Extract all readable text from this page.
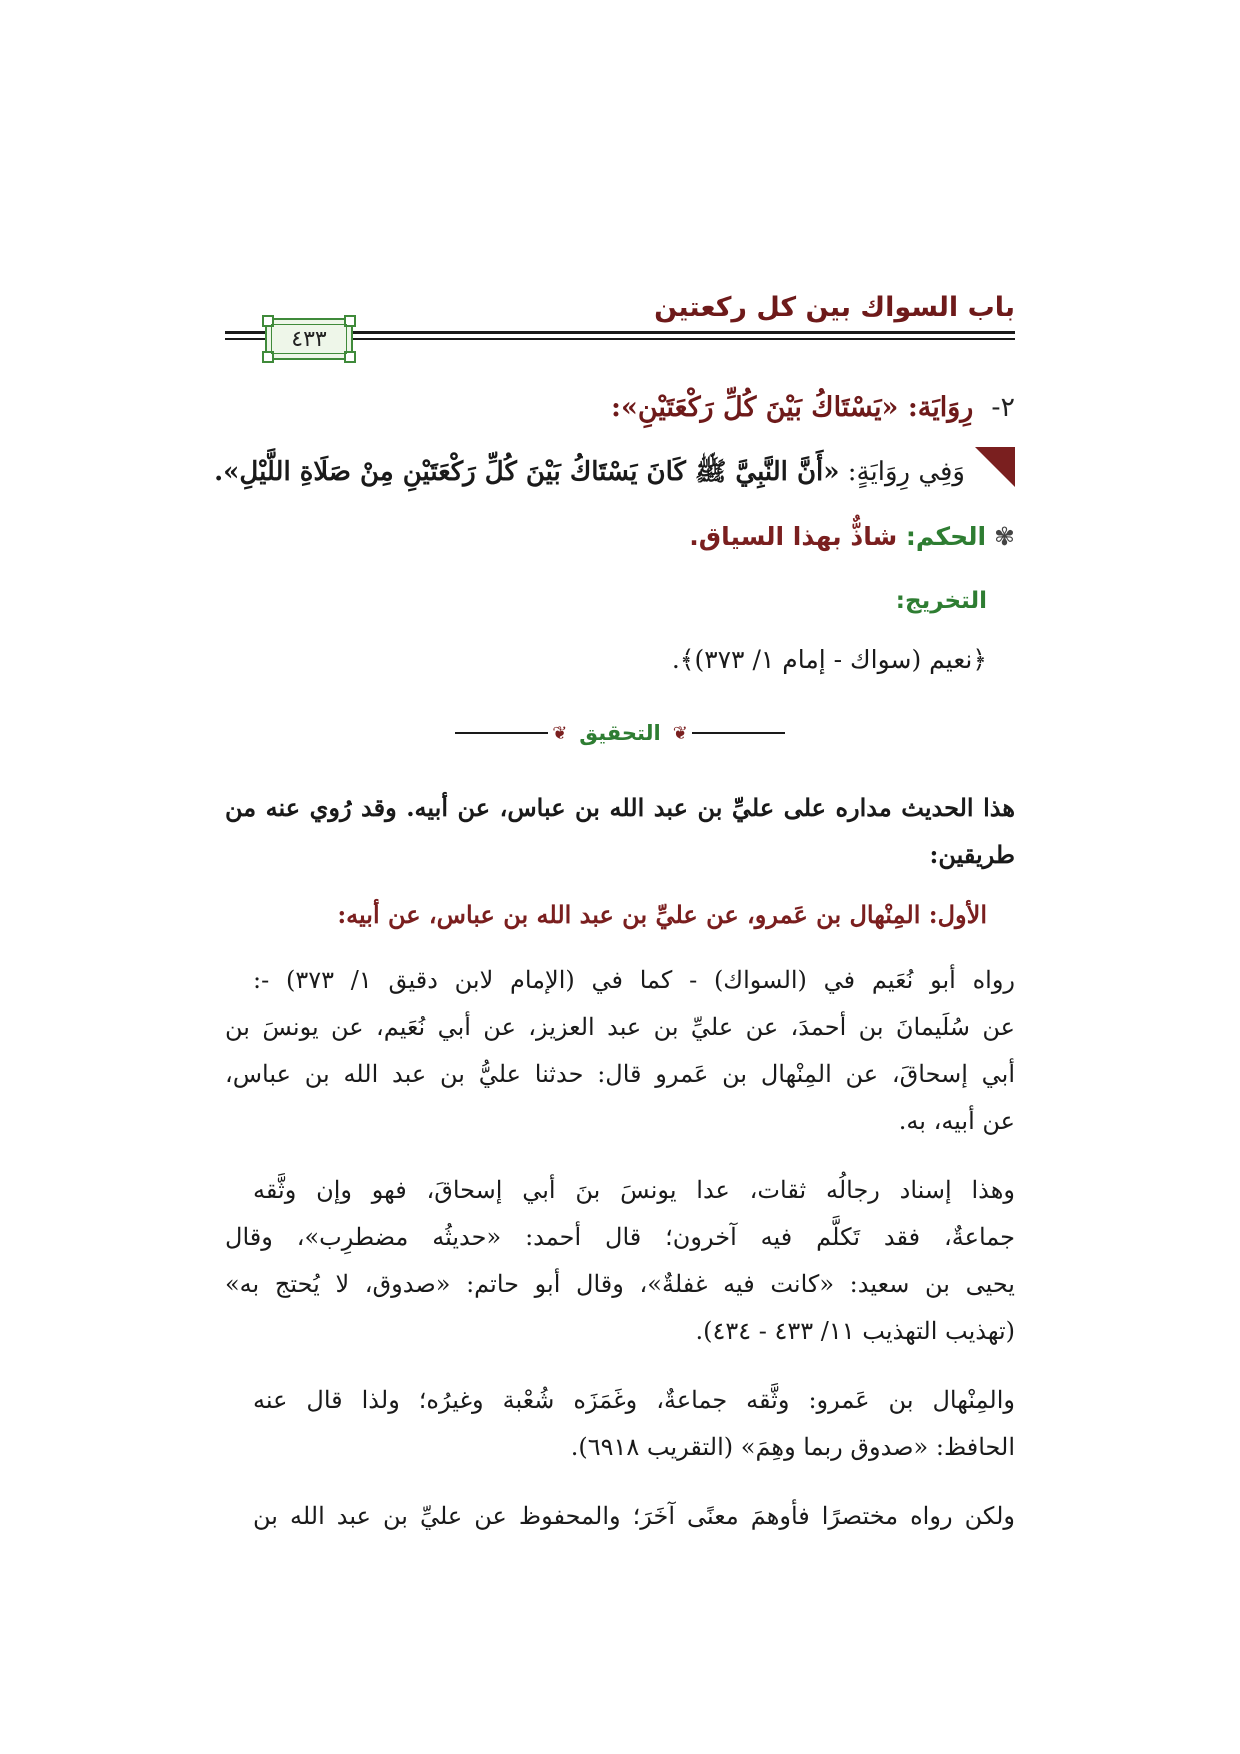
باب السواك بين كل ركعتين
٤٣٣
٢-رِوَايَة: «يَسْتَاكُ بَيْنَ كُلِّ رَكْعَتَيْنِ»:
وَفِي رِوَايَةٍ: «أَنَّ النَّبِيَّ ﷺ كَانَ يَسْتَاكُ بَيْنَ كُلِّ رَكْعَتَيْنِ مِنْ صَلَاةِ اللَّيْلِ».
✾الحكم: شاذٌّ بهذا السياق.
التخريج:
﴿نعيم (سواك - إمام ١/ ٣٧٣)﴾.
❦ التحقيق ❦
هذا الحديث مداره على عليِّ بن عبد الله بن عباس، عن أبيه. وقد رُوي عنه من
طريقين:
الأول: المِنْهال بن عَمرو، عن عليِّ بن عبد الله بن عباس، عن أبيه:
رواه أبو نُعَيم في (السواك) - كما في (الإمام لابن دقيق ١/ ٣٧٣) -:
عن سُلَيمانَ بن أحمدَ، عن عليِّ بن عبد العزيز، عن أبي نُعَيم، عن يونسَ بن
أبي إسحاقَ، عن المِنْهال بن عَمرو قال: حدثنا عليُّ بن عبد الله بن عباس،
عن أبيه، به.
وهذا إسناد رجالُه ثقات، عدا يونسَ بنَ أبي إسحاقَ، فهو وإن وثَّقه
جماعةٌ، فقد تَكلَّم فيه آخرون؛ قال أحمد: «حديثُه مضطرِب»، وقال
يحيى بن سعيد: «كانت فيه غفلةٌ»، وقال أبو حاتم: «صدوق، لا يُحتج به»
(تهذيب التهذيب ١١/ ٤٣٣ - ٤٣٤).
والمِنْهال بن عَمرو: وثَّقه جماعةٌ، وغَمَزَه شُعْبة وغيرُه؛ ولذا قال عنه
الحافظ: «صدوق ربما وهِمَ» (التقريب ٦٩١٨).
ولكن رواه مختصرًا فأوهمَ معنًى آخَرَ؛ والمحفوظ عن عليِّ بن عبد الله بن
